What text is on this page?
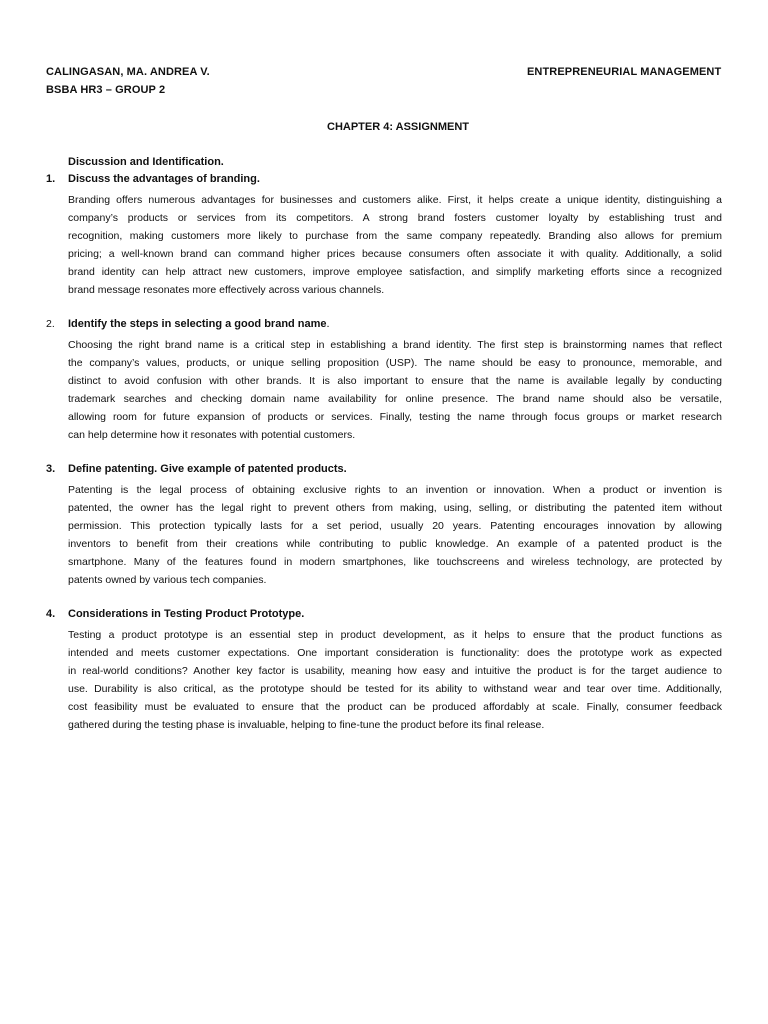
CALINGASAN, MA. ANDREA V.	ENTREPRENEURIAL MANAGEMENT
BSBA HR3 – GROUP 2
CHAPTER 4: ASSIGNMENT
Discussion and Identification.
1. Discuss the advantages of branding.
Branding offers numerous advantages for businesses and customers alike. First, it helps create a unique identity, distinguishing a
company’s products or services from its competitors. A strong brand fosters customer loyalty by establishing trust and
recognition, making customers more likely to purchase from the same company repeatedly. Branding also allows for premium
pricing; a well-known brand can command higher prices because consumers often associate it with quality. Additionally, a solid
brand identity can help attract new customers, improve employee satisfaction, and simplify marketing efforts since a recognized
brand message resonates more effectively across various channels.
2. Identify the steps in selecting a good brand name.
Choosing the right brand name is a critical step in establishing a brand identity. The first step is brainstorming names that reflect
the company’s values, products, or unique selling proposition (USP). The name should be easy to pronounce, memorable, and
distinct to avoid confusion with other brands. It is also important to ensure that the name is available legally by conducting
trademark searches and checking domain name availability for online presence. The brand name should also be versatile,
allowing room for future expansion of products or services. Finally, testing the name through focus groups or market research
can help determine how it resonates with potential customers.
3. Define patenting. Give example of patented products.
Patenting is the legal process of obtaining exclusive rights to an invention or innovation. When a product or invention is
patented, the owner has the legal right to prevent others from making, using, selling, or distributing the patented item without
permission. This protection typically lasts for a set period, usually 20 years. Patenting encourages innovation by allowing
inventors to benefit from their creations while contributing to public knowledge. An example of a patented product is the
smartphone. Many of the features found in modern smartphones, like touchscreens and wireless technology, are protected by
patents owned by various tech companies.
4. Considerations in Testing Product Prototype.
Testing a product prototype is an essential step in product development, as it helps to ensure that the product functions as
intended and meets customer expectations. One important consideration is functionality: does the prototype work as expected
in real-world conditions? Another key factor is usability, meaning how easy and intuitive the product is for the target audience to
use. Durability is also critical, as the prototype should be tested for its ability to withstand wear and tear over time. Additionally,
cost feasibility must be evaluated to ensure that the product can be produced affordably at scale. Finally, consumer feedback
gathered during the testing phase is invaluable, helping to fine-tune the product before its final release.
